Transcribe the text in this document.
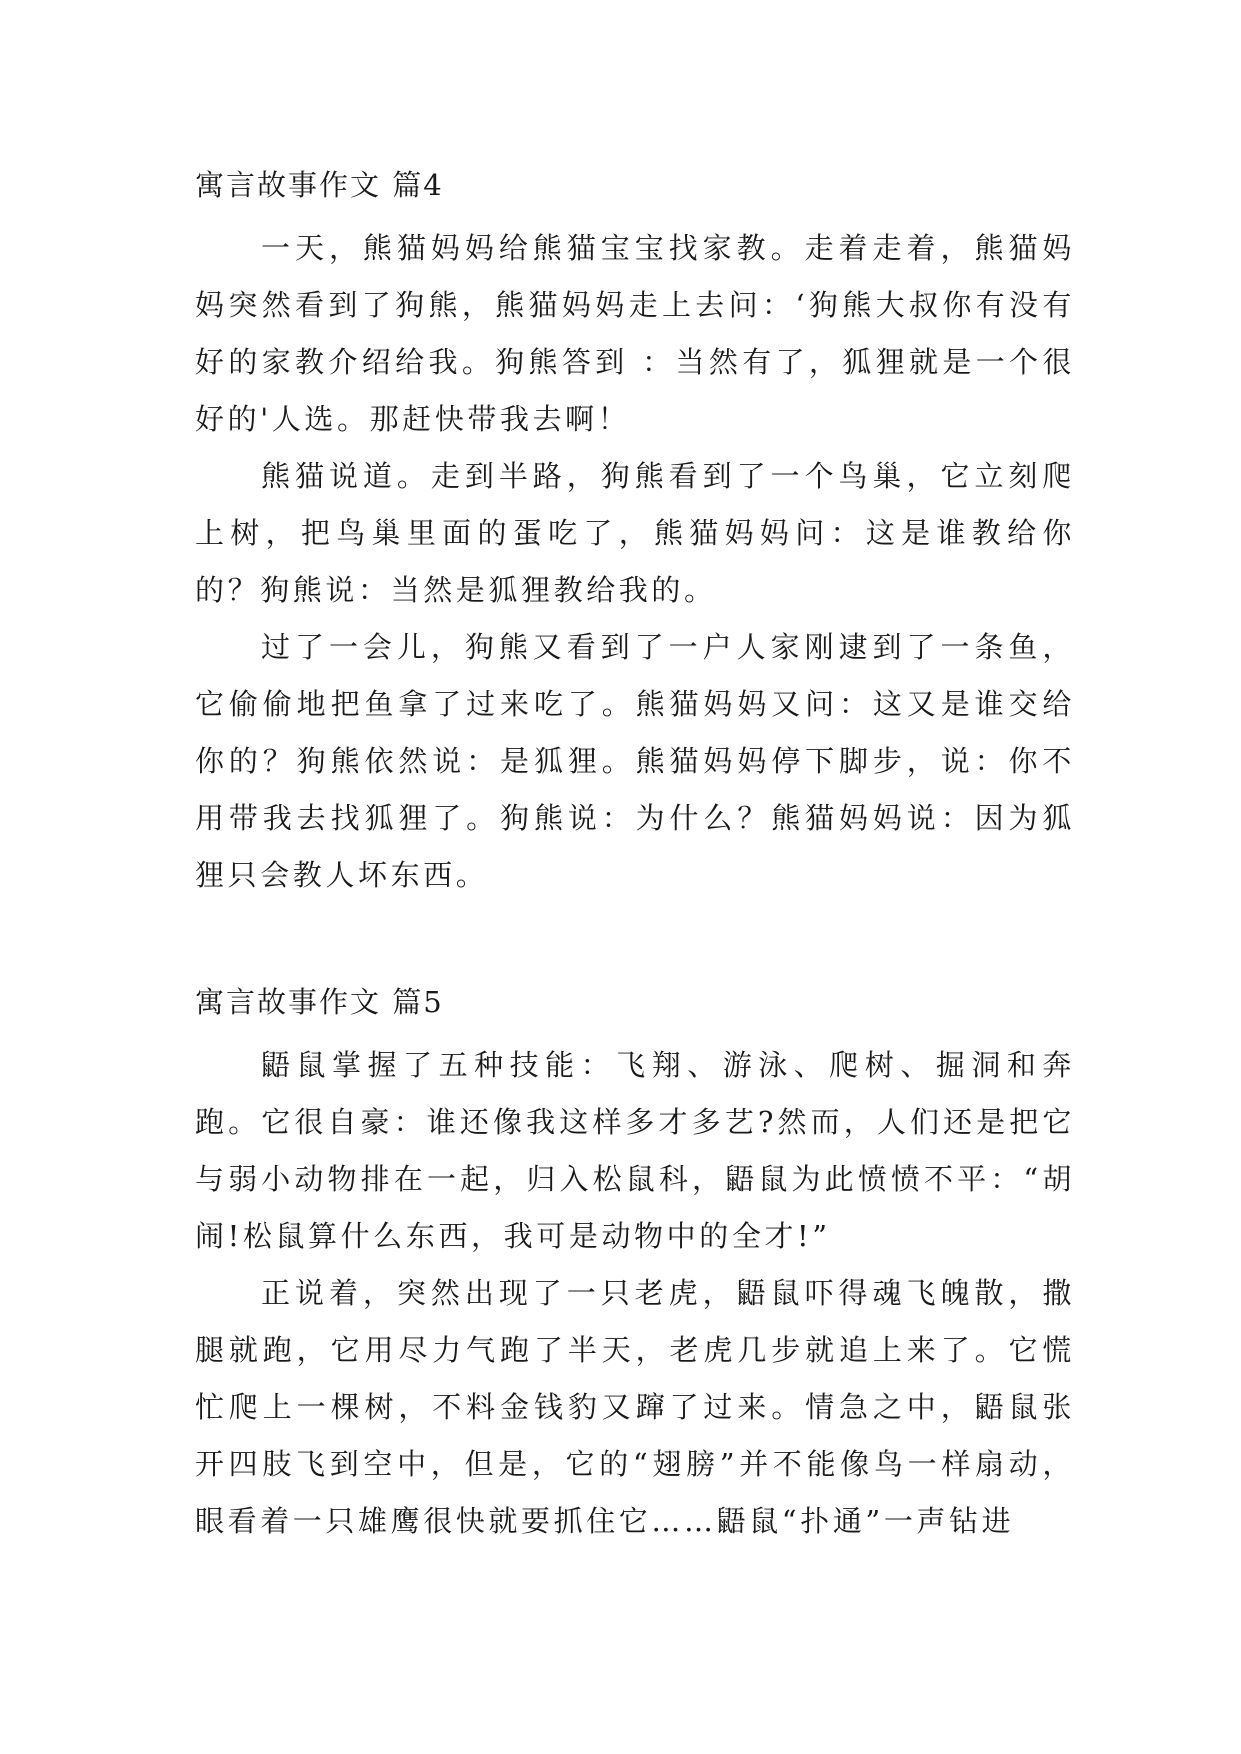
寓言故事作文 篇4

一天，熊猫妈妈给熊猫宝宝找家教。走着走着，熊猫妈妈突然看到了狗熊，熊猫妈妈走上去问：‘狗熊大叔你有没有好的家教介绍给我。狗熊答到 ：当然有了，狐狸就是一个很好的'人选。那赶快带我去啊！

熊猫说道。走到半路，狗熊看到了一个鸟巢，它立刻爬上树，把鸟巢里面的蛋吃了，熊猫妈妈问：这是谁教给你的？狗熊说：当然是狐狸教给我的。

过了一会儿，狗熊又看到了一户人家刚逮到了一条鱼，它偷偷地把鱼拿了过来吃了。熊猫妈妈又问：这又是谁交给你的？狗熊依然说：是狐狸。熊猫妈妈停下脚步，说：你不用带我去找狐狸了。狗熊说：为什么？熊猫妈妈说：因为狐狸只会教人坏东西。

寓言故事作文 篇5

鼯鼠掌握了五种技能：飞翔、游泳、爬树、掘洞和奔跑。它很自豪：谁还像我这样多才多艺?然而，人们还是把它与弱小动物排在一起，归入松鼠科，鼯鼠为此愤愤不平：“胡闹!松鼠算什么东西，我可是动物中的全才!”

正说着，突然出现了一只老虎，鼯鼠吓得魂飞魄散，撒腿就跑，它用尽力气跑了半天，老虎几步就追上来了。它慌忙爬上一棵树，不料金钱豹又蹿了过来。情急之中，鼯鼠张开四肢飞到空中，但是，它的“翅膀”并不能像鸟一样扇动，眼看着一只雄鹰很快就要抓住它……鼯鼠“扑通”一声钻进
